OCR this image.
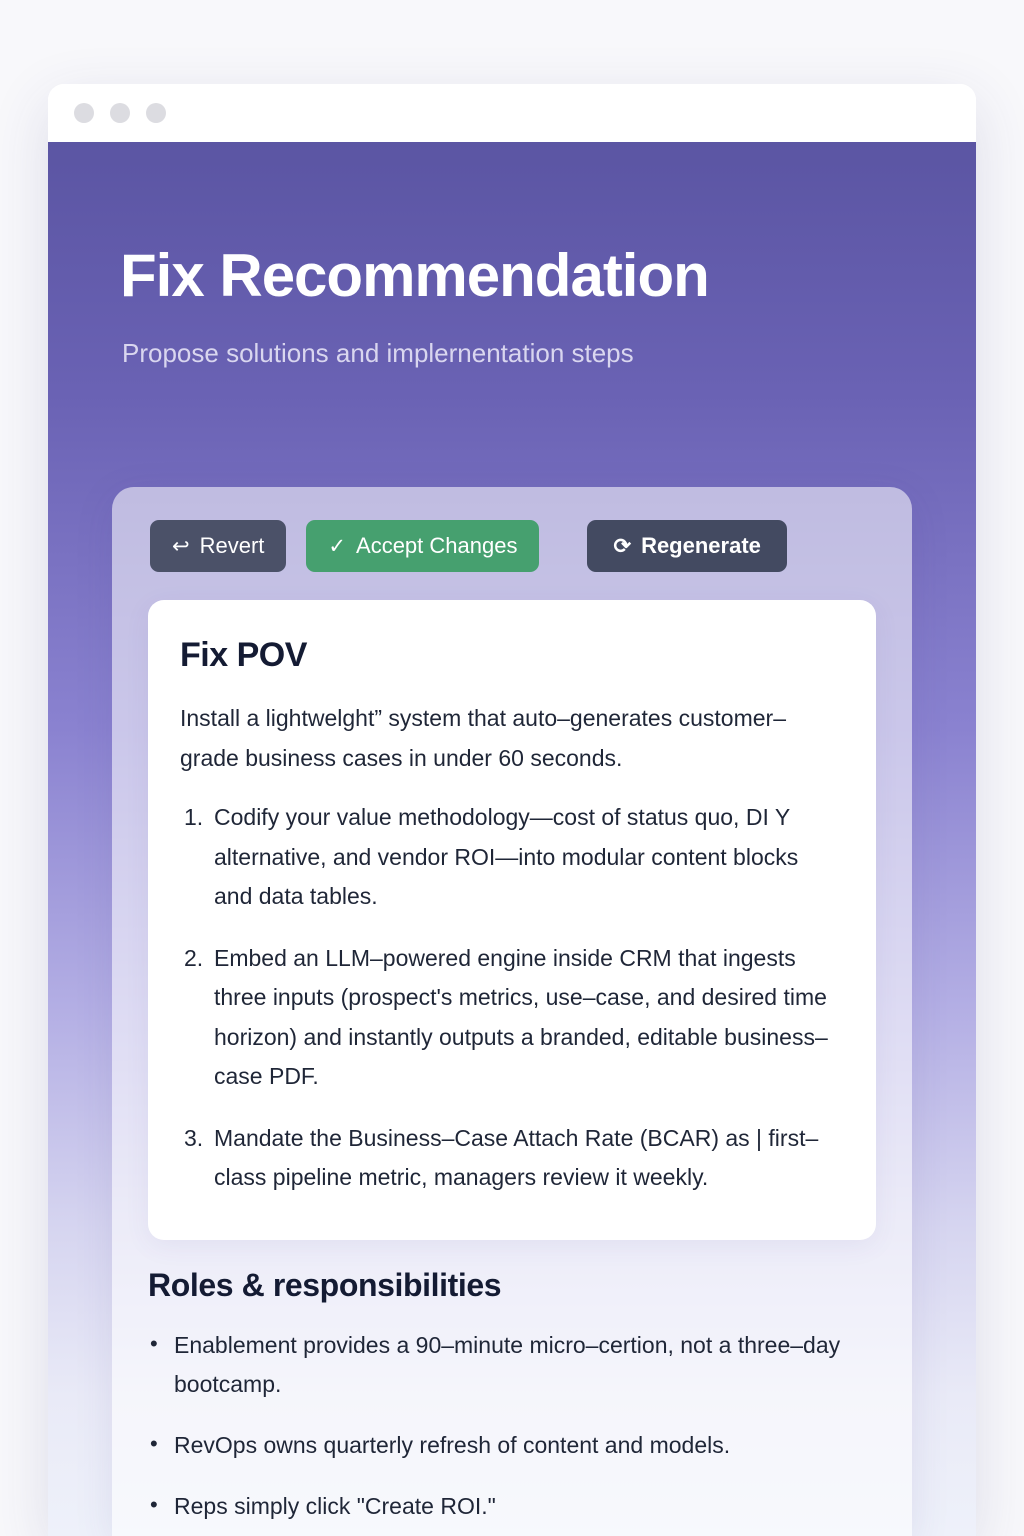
Fix Recommendation
Propose solutions and implernentation steps
↩ Revert	✓ Accept Changes	⟳ Regenerate
Fix POV

Install a lightwelght” system that auto–generates customer–grade business cases in under 60 seconds.

Codify your value methodology—cost of status quo, DI Y alternative, and vendor ROI—into modular content blocks and data tables.
Embed an LLM–powered engine inside CRM that ingests three inputs (prospect's metrics, use–case, and desired time horizon) and instantly outputs a branded, editable business–case PDF.
Mandate the Business–Case Attach Rate (BCAR) as | first–class pipeline metric, managers review it weekly.
Roles & responsibilities
• Enablement provides a 90–minute micro–certion, not a three–day bootcamp.
• RevOps owns quarterly refresh of content and models.
• Reps simply click "Create ROI."
